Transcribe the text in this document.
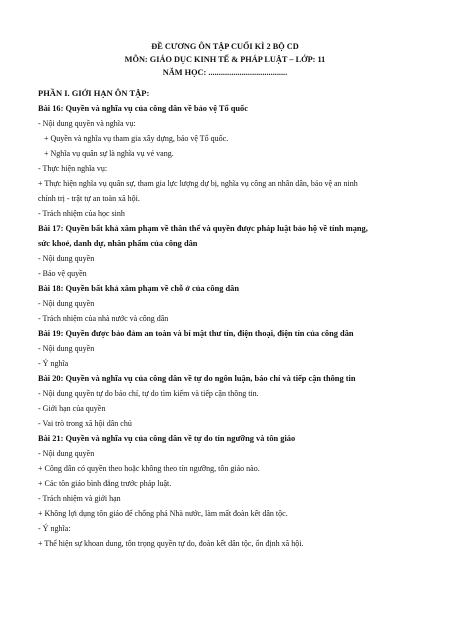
ĐỀ CƯƠNG ÔN TẬP CUỐI KÌ 2 BỘ CD
MÔN: GIÁO DỤC KINH TẾ & PHÁP LUẬT – LỚP: 11
NĂM HỌC: ......................................
PHẦN I. GIỚI HẠN ÔN TẬP:
Bài 16: Quyền và nghĩa vụ của công dân về bảo vệ Tổ quốc
- Nội dung quyền và nghĩa vụ:
+ Quyền và nghĩa vụ tham gia xây dựng, bảo vệ Tổ quốc.
+ Nghĩa vụ quân sự là nghĩa vụ vẻ vang.
- Thực hiện nghĩa vụ:
+ Thực hiện nghĩa vụ quân sự, tham gia lực lượng dự bị, nghĩa vụ công an nhân dân, bảo vệ an ninh
chính trị - trật tự an toàn xã hội.
- Trách nhiệm của học sinh
Bài 17: Quyền bất khả xâm phạm về thân thể và quyền được pháp luật bảo hộ về tính mạng,
sức khoẻ, danh dự, nhân phẩm của công dân
- Nội dung quyền
- Bảo vệ quyền
Bài 18: Quyền bất khả xâm phạm về chỗ ở của công dân
- Nội dung quyền
- Trách nhiệm của nhà nước và công dân
Bài 19: Quyền được bảo đảm an toàn và bí mật thư tín, điện thoại, điện tín của công dân
- Nội dung quyền
- Ý nghĩa
Bài 20: Quyền và nghĩa vụ của công dân về tự do ngôn luận, báo chí và tiếp cận thông tin
- Nội dung quyền tự do báo chí, tự do tìm kiếm và tiếp cận thông tin.
- Giới hạn của quyền
- Vai trò trong xã hội dân chủ
Bài 21: Quyền và nghĩa vụ của công dân về tự do tín ngưỡng và tôn giáo
- Nội dung quyền
+ Công dân có quyền theo hoặc không theo tín ngưỡng, tôn giáo nào.
+ Các tôn giáo bình đẳng trước pháp luật.
- Trách nhiệm và giới hạn
+ Không lợi dụng tôn giáo để chống phá Nhà nước, làm mất đoàn kết dân tộc.
- Ý nghĩa:
+ Thể hiện sự khoan dung, tôn trọng quyền tự do, đoàn kết dân tộc, ổn định xã hội.
